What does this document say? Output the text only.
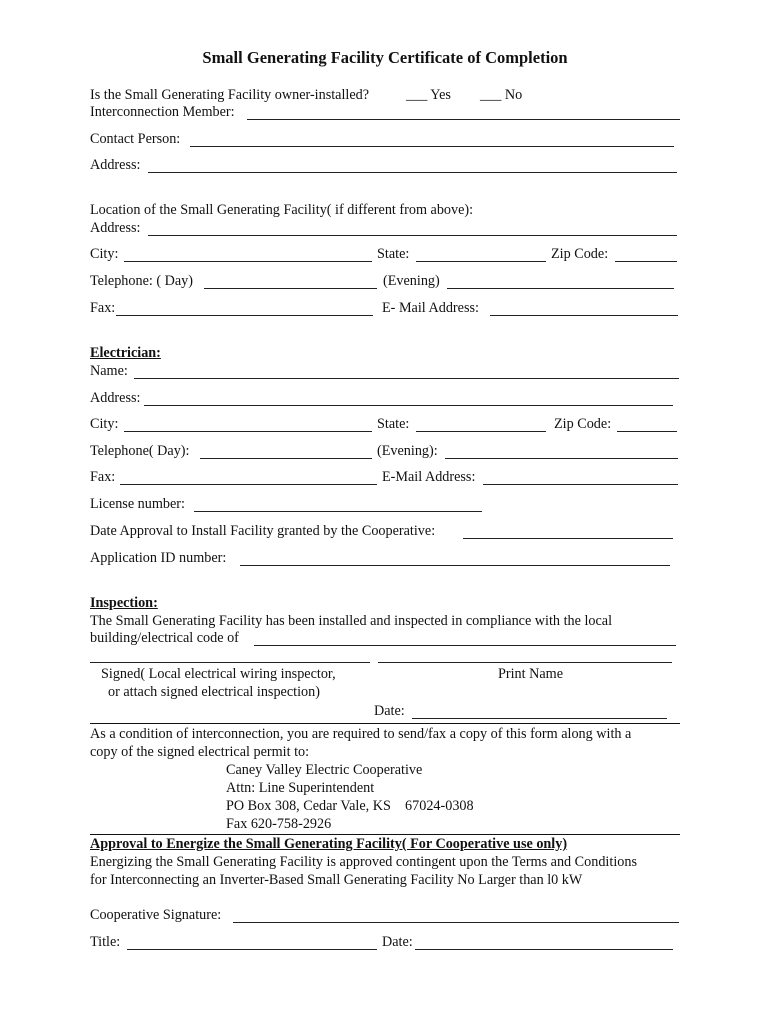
Small Generating Facility Certificate of Completion
Is the Small Generating Facility owner-installed?	___ Yes ___ No
Interconnection Member:
Contact Person:
Address:
Location of the Small Generating Facility( if different from above):
Address:
City:	State:	Zip Code:
Telephone: ( Day)	(Evening)
Fax:	E- Mail Address:
Electrician:
Name:
Address:
City:	State:	Zip Code:
Telephone( Day):	(Evening):
Fax:	E-Mail Address:
License number:
Date Approval to Install Facility granted by the Cooperative:
Application ID number:
Inspection:
The Small Generating Facility has been installed and inspected in compliance with the local
building/electrical code of
Signed( Local electrical wiring inspector,
or attach signed electrical inspection)
Print Name
Date:
As a condition of interconnection, you are required to send/fax a copy of this form along with a
copy of the signed electrical permit to:
Caney Valley Electric Cooperative
Attn: Line Superintendent
PO Box 308, Cedar Vale, KS    67024-0308
Fax 620-758-2926
Approval to Energize the Small Generating Facility( For Cooperative use only)
Energizing the Small Generating Facility is approved contingent upon the Terms and Conditions
for Interconnecting an Inverter-Based Small Generating Facility No Larger than l0 kW
Cooperative Signature:
Title:	Date:
